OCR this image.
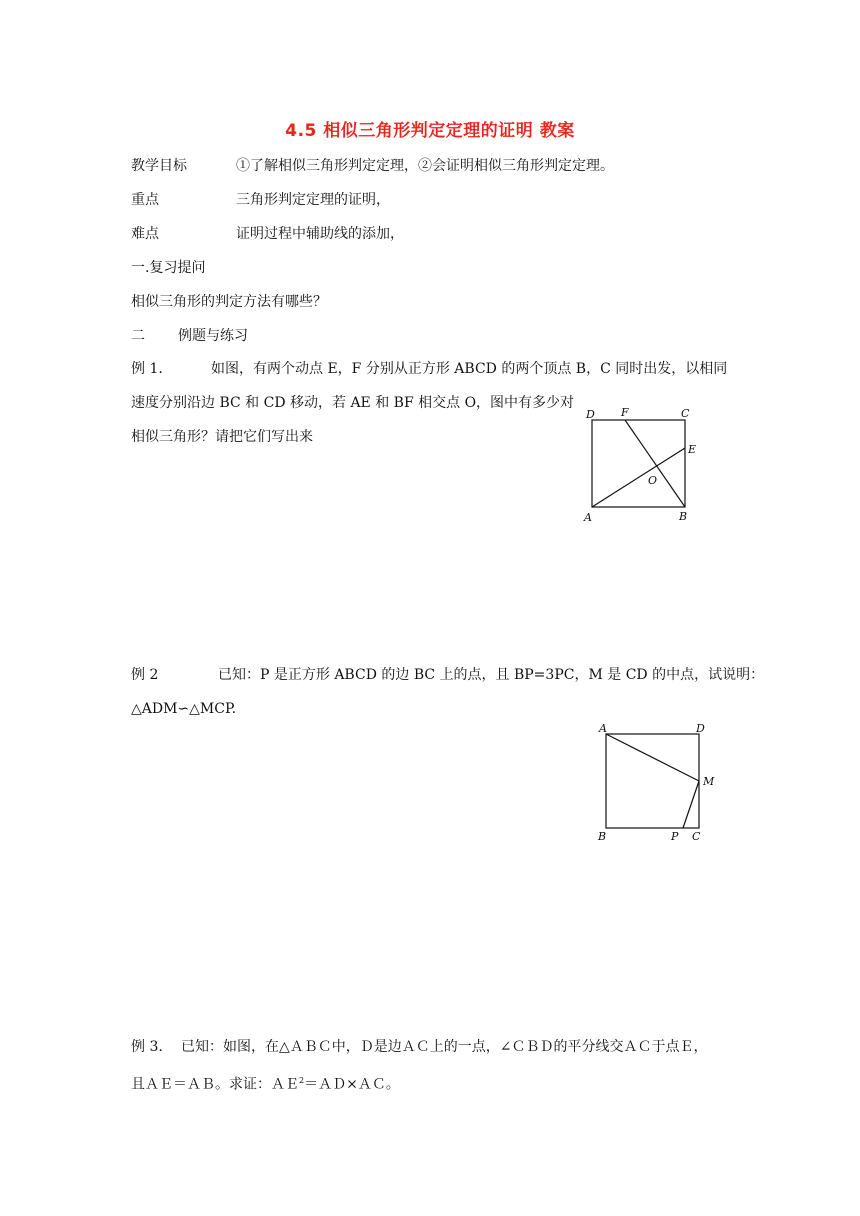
4.5 相似三角形判定定理的证明 教案
教学目标	①了解相似三角形判定定理，②会证明相似三角形判定定理。
重点	三角形判定定理的证明，
难点	证明过程中辅助线的添加，
一.复习提问
相似三角形的判定方法有哪些？
二 例题与练习
例 1.	如图，有两个动点 E，F 分别从正方形 ABCD 的两个顶点 B，C 同时出发，以相同
速度分别沿边 BC 和 CD 移动，若 AE 和 BF 相交点 O，图中有多少对
相似三角形？请把它们写出来
D F	C
E
O
A	B
例 2	已知：P 是正方形 ABCD 的边 BC 上的点，且 BP=3PC，M 是 CD 的中点，试说明：
△ADM∽△MCP.
A	D
M
B	P C
例 3. 已知：如图，在△ＡＢＣ中，Ｄ是边ＡＣ上的一点，∠ＣＢＤ的平分线交ＡＣ于点Ｅ，
且ＡＥ＝ＡＢ。求证：ＡＥ$^2$＝ＡＤ×ＡＣ。
